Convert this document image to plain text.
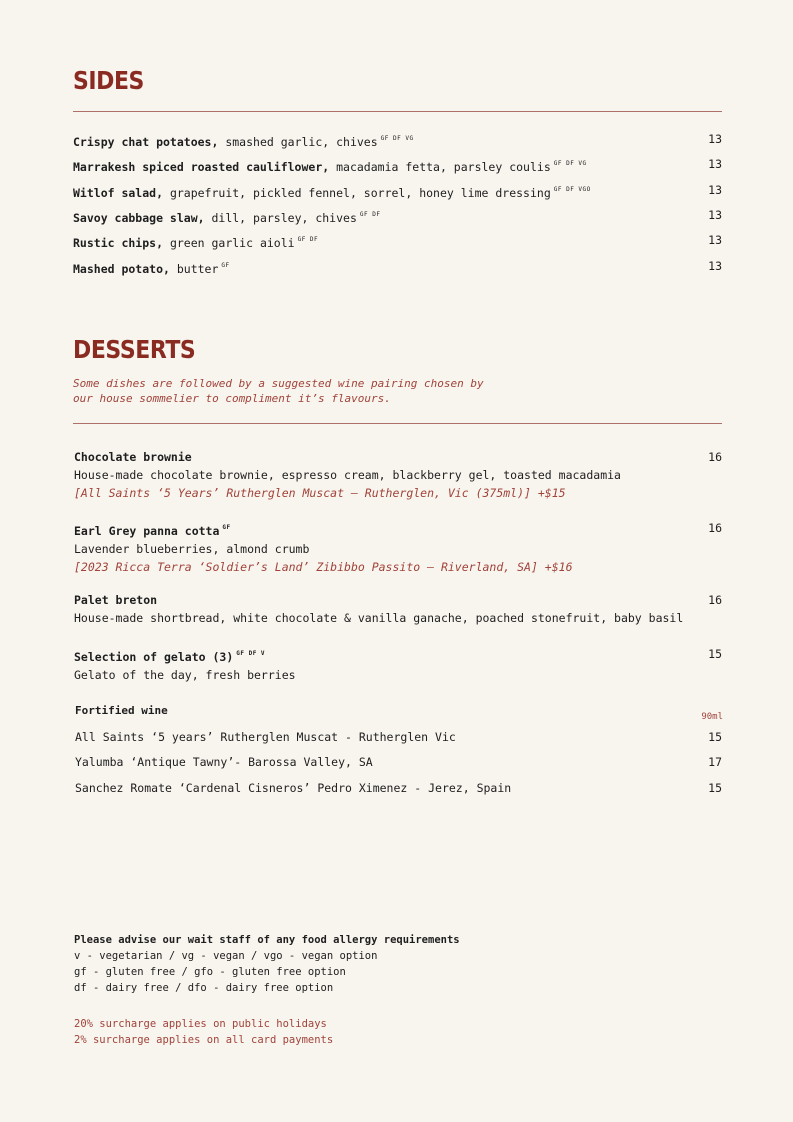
SIDES
Crispy chat potatoes, smashed garlic, chives $^{GF DF VG}$	13
Marrakesh spiced roasted cauliflower, macadamia fetta, parsley coulis $^{GF DF VG}$	13
Witlof salad, grapefruit, pickled fennel, sorrel, honey lime dressing $^{GF DF VGO}$	13
Savoy cabbage slaw, dill, parsley, chives $^{GF DF}$	13
Rustic chips, green garlic aioli $^{GF DF}$	13
Mashed potato, butter $^{GF}$	13
DESSERTS
Some dishes are followed by a suggested wine pairing chosen by
our house sommelier to compliment it’s flavours.
Chocolate brownie	16
House-made chocolate brownie, espresso cream, blackberry gel, toasted macadamia
[All Saints ‘5 Years’ Rutherglen Muscat – Rutherglen, Vic (375ml)] +$15
Earl Grey panna cotta $^{GF}$	16
Lavender blueberries, almond crumb
[2023 Ricca Terra ‘Soldier’s Land’ Zibibbo Passito – Riverland, SA] +$16
Palet breton	16
House-made shortbread, white chocolate & vanilla ganache, poached stonefruit, baby basil
Selection of gelato (3) $^{GF DF V}$	15
Gelato of the day, fresh berries
Fortified wine	90ml
All Saints ‘5 years’ Rutherglen Muscat - Rutherglen Vic	15
Yalumba ‘Antique Tawny’- Barossa Valley, SA	17
Sanchez Romate ‘Cardenal Cisneros’ Pedro Ximenez - Jerez, Spain	15
Please advise our wait staff of any food allergy requirements
v - vegetarian / vg - vegan / vgo - vegan option
gf - gluten free / gfo - gluten free option
df - dairy free / dfo - dairy free option
20% surcharge applies on public holidays
2% surcharge applies on all card payments
